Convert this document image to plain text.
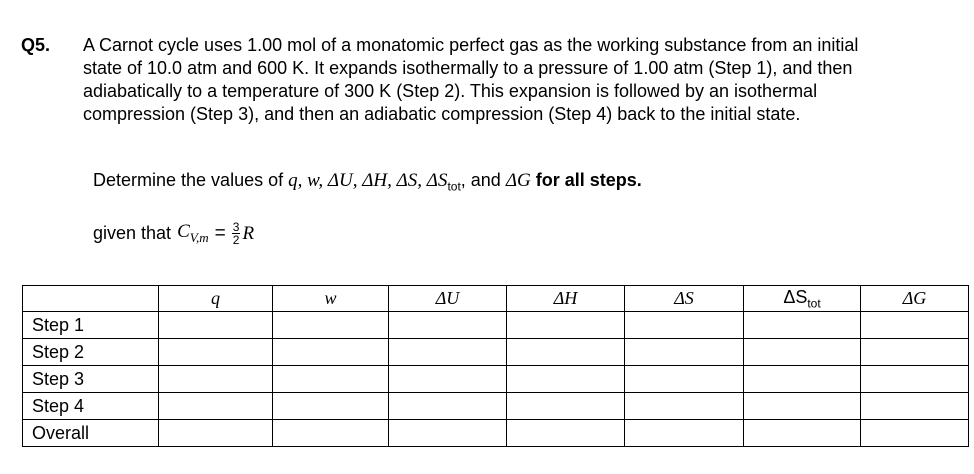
Q5. A Carnot cycle uses 1.00 mol of a monatomic perfect gas as the working substance from an initial
state of 10.0 atm and 600 K. It expands isothermally to a pressure of 1.00 atm (Step 1), and then
adiabatically to a temperature of 300 K (Step 2). This expansion is followed by an isothermal
compression (Step 3), and then an adiabatic compression (Step 4) back to the initial state.
Determine the values of q, w, ΔU, ΔH, ΔS, $\Delta S_{tot}$, and ΔG for all steps.
given that $C_{V,m} = \frac{3}{2}$ R
	q	w	ΔU	ΔH	ΔS	$\Delta S_{tot}$	ΔG
Step 1							
Step 2							
Step 3							
Step 4							
Overall							
